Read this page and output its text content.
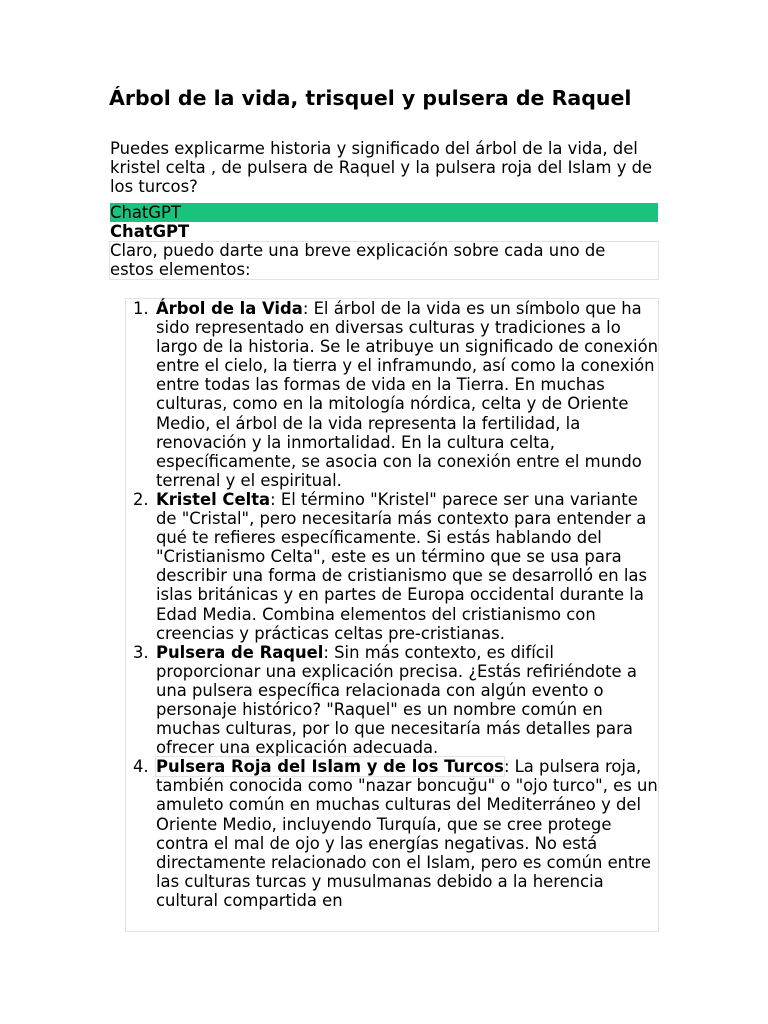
Árbol de la vida, trisquel y pulsera de Raquel
Puedes explicarme historia y significado del árbol de la vida, del kristel celta , de pulsera de Raquel y la pulsera roja del Islam y de los turcos?
ChatGPT
ChatGPT
Claro, puedo darte una breve explicación sobre cada uno de estos elementos:
1. Árbol de la Vida: El árbol de la vida es un símbolo que ha sido representado en diversas culturas y tradiciones a lo largo de la historia. Se le atribuye un significado de conexión entre el cielo, la tierra y el inframundo, así como la conexión entre todas las formas de vida en la Tierra. En muchas culturas, como en la mitología nórdica, celta y de Oriente Medio, el árbol de la vida representa la fertilidad, la renovación y la inmortalidad. En la cultura celta, específicamente, se asocia con la conexión entre el mundo terrenal y el espiritual.
2. Kristel Celta: El término "Kristel" parece ser una variante de "Cristal", pero necesitaría más contexto para entender a qué te refieres específicamente. Si estás hablando del "Cristianismo Celta", este es un término que se usa para describir una forma de cristianismo que se desarrolló en las islas británicas y en partes de Europa occidental durante la Edad Media. Combina elementos del cristianismo con creencias y prácticas celtas pre-cristianas.
3. Pulsera de Raquel: Sin más contexto, es difícil proporcionar una explicación precisa. ¿Estás refiriéndote a una pulsera específica relacionada con algún evento o personaje histórico? "Raquel" es un nombre común en muchas culturas, por lo que necesitaría más detalles para ofrecer una explicación adecuada.
4. Pulsera Roja del Islam y de los Turcos: La pulsera roja, también conocida como "nazar boncuğu" o "ojo turco", es un amuleto común en muchas culturas del Mediterráneo y del Oriente Medio, incluyendo Turquía, que se cree protege contra el mal de ojo y las energías negativas. No está directamente relacionado con el Islam, pero es común entre las culturas turcas y musulmanas debido a la herencia cultural compartida en
